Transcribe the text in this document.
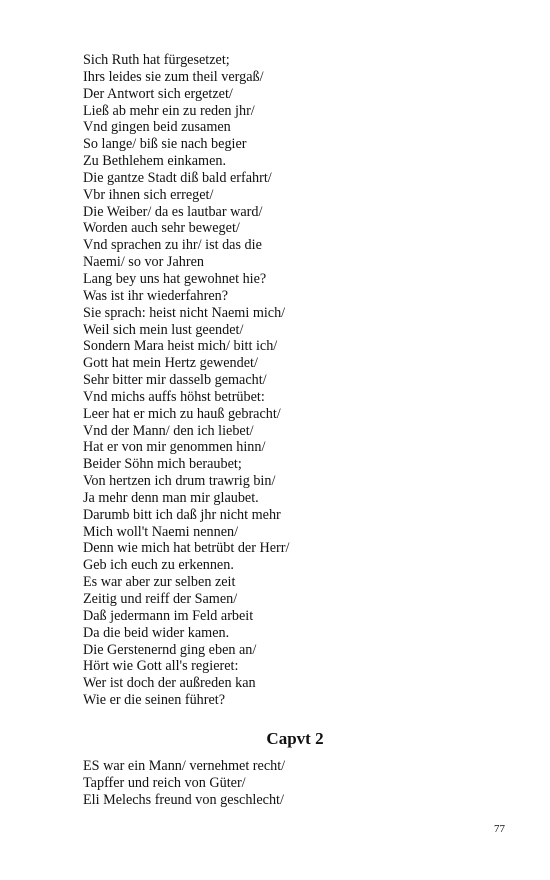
Sich Ruth hat fürgesetzet;
Ihrs leides sie zum theil vergaß/
Der Antwort sich ergetzet/
Ließ ab mehr ein zu reden jhr/
Vnd gingen beid zusamen
So lange/ biß sie nach begier
Zu Bethlehem einkamen.
Die gantze Stadt diß bald erfahrt/
Vbr ihnen sich erreget/
Die Weiber/ da es lautbar ward/
Worden auch sehr beweget/
Vnd sprachen zu ihr/ ist das die
Naemi/ so vor Jahren
Lang bey uns hat gewohnet hie?
Was ist ihr wiederfahren?
Sie sprach: heist nicht Naemi mich/
Weil sich mein lust geendet/
Sondern Mara heist mich/ bitt ich/
Gott hat mein Hertz gewendet/
Sehr bitter mir dasselb gemacht/
Vnd michs auffs höhst betrübet:
Leer hat er mich zu hauß gebracht/
Vnd der Mann/ den ich liebet/
Hat er von mir genommen hinn/
Beider Söhn mich beraubet;
Von hertzen ich drum trawrig bin/
Ja mehr denn man mir glaubet.
Darumb bitt ich daß jhr nicht mehr
Mich woll't Naemi nennen/
Denn wie mich hat betrübt der Herr/
Geb ich euch zu erkennen.
Es war aber zur selben zeit
Zeitig und reiff der Samen/
Daß jedermann im Feld arbeit
Da die beid wider kamen.
Die Gerstenernd ging eben an/
Hört wie Gott all's regieret:
Wer ist doch der außreden kan
Wie er die seinen führet?
Capvt 2
ES war ein Mann/ vernehmet recht/
Tapffer und reich von Güter/
Eli Melechs freund von geschlecht/
77
